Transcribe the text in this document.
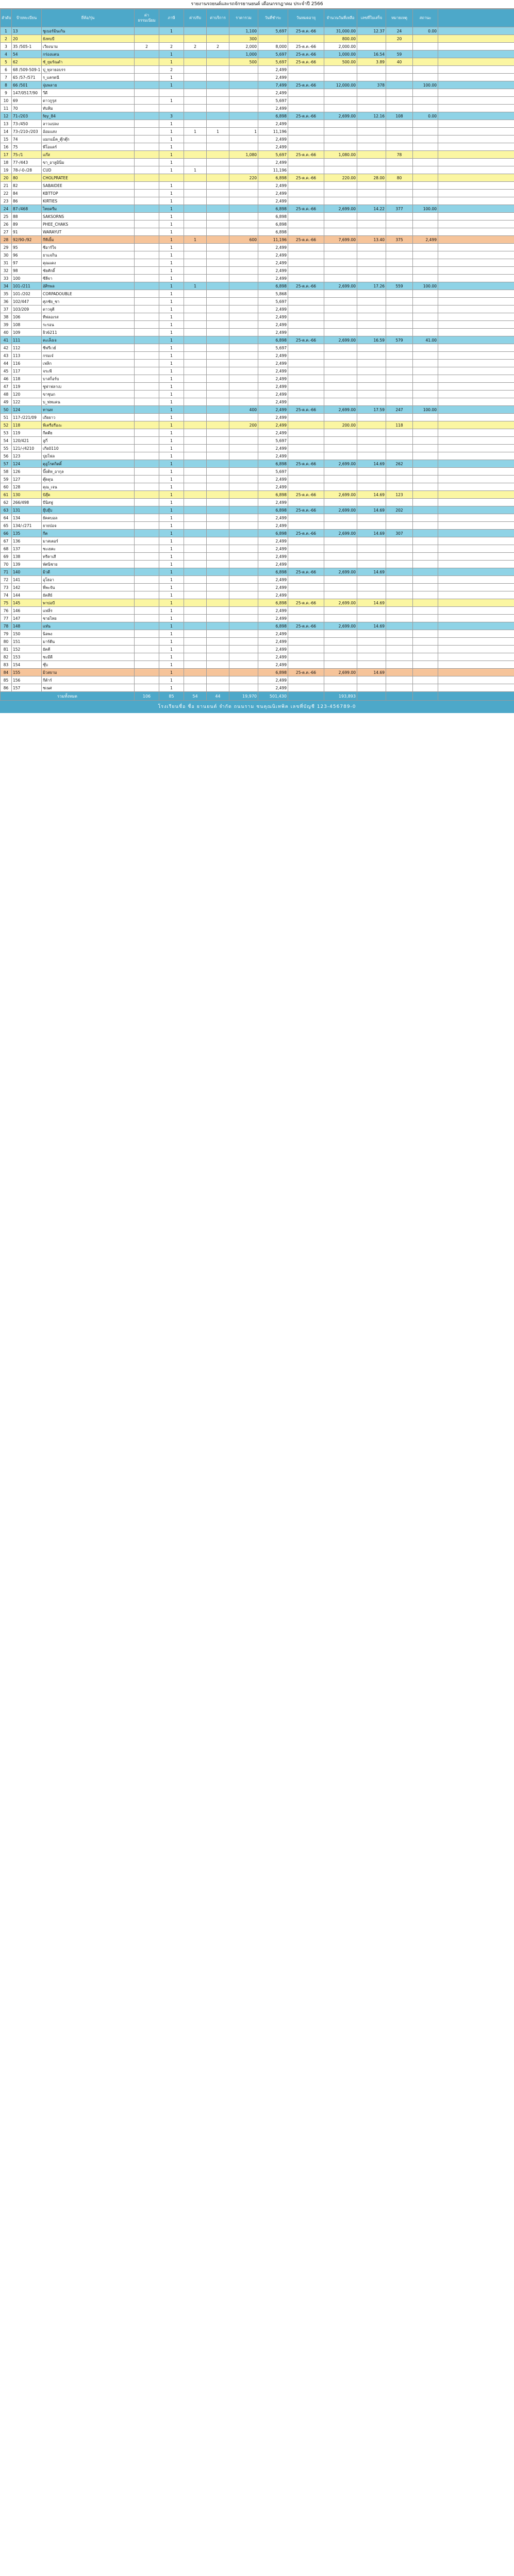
รายงานรถยนต์และรถจักรยานยนต์ เดือนกรกฎาคม ประจำปี 2566
ลำดับ	ป้ายทะเบียน	ยี่ห้อ/รุ่น	ค่าธรรมเนียม	ภาษี	ค่าปรับ	ค่าบริการ	ราคารวม	วันที่ชำระ	วันหมดอายุ	จำนวนวันที่เหลือ	เลขที่ใบเสร็จ	หมายเหตุ	สถานะ	
1	13	ชูเบอร์มินเก้น		1			1,100	5,697	25-ต.ค.-66	31,000.00	12.37	24	0.00	
2	20	ยังทบบี					300			800.00		20		
3	35 /505-1	เวียงนาม	2	2	2	2	2,000	8,000	25-ต.ค.-66	2,000.00				
4	54	กร่องแตน		1			1,000	5,697	25-ต.ค.-66	1,000.00	16.54	59		
5	62	ชั_ยุมรัณดำ		1			500	5,697	25-ต.ค.-66	500.00	3.89	40		
6	68 /509-509-1	ปุ_ทุลายอบรร		2				2,499						
7	65 /57-/571	ร_แครดนี		1				2,499						
8	66 /501	จุ่มพลาย		1				7,499	25-ต.ค.-66	12,000.00	378		100.00	
9	147/0517/90	วีดี						2,499						
10	69	ดาวกูรุส		1				5,697						
11	70	ทับทิม						2,499						
12	71-/203	fey_84		3				6,898	25-ต.ค.-66	2,699.00	12.16	108	0.00	
13	73-/450	ลาวแปลง		1				2,499						
14	73-/210-/203	อ้อมแสง		1	1	1	1	11,196						
15	74	แมกแม็ค_ตุ๊กตุ๊ก		1				2,499						
16	75	พีโอแดร์		1				2,499						
17	75-/1	แก๊ส		1			1,080	5,697	25-ต.ค.-66	1,080.00		78		
18	77-/443	ขา_อาลูมินิ่ม		1				2,499						
19	78-/-0-/28	CUD		1	1			11,196						
20	80	CHOLPRATEE					220	6,898	25-ต.ค.-66	220.00	28.00	80		
21	82	SABAIDEE		1				2,499						
22	84	KBTTOP		1				2,499						
23	86	KIRTIES		1				2,499						
24	87-/468	ไทยครีม		1				6,898	25-ต.ค.-66	2,699.00	14.22	377	100.00	
25	88	SAKSORNS		1				6,898						
26	89	PHEE_CHAKS		1				6,898						
27	91	WARAYUT		1				6,898						
28	92/90-/92	กีทีเยิ้ม		1	1		600	11,196	25-ต.ค.-66	7,699.00	13.40	375	2,499	
29	95	ชีอาร์ใจ		1				2,499						
30	96	ยาแจกิน		1				2,499						
31	97	คุณแดง		1				2,499						
32	98	ชัยศักดิ์		1				2,499						
33	100	ซีลีจา		1				2,499						
34	101-/211	อัศิรพล		1	1			6,898	25-ต.ค.-66	2,699.00	17.26	559	100.00	
35	101-/202	CORPADOUBLE		1				5,868						
36	102/447	ศุภชัย_ชา		1				5,697						
37	103/209	ดาวจุตี		1				2,499						
38	106	ทีฟลอเรส		1				2,499						
39	108	ระรอน		1				2,499						
40	109	ยิว6211		1				2,499						
41	111	คะเล็งเจ		1				6,898	25-ต.ค.-66	2,699.00	16.59	579	41.00	
42	112	ชีฟรีเวย์		1				5,697						
43	113	กรมเจ๋		1				2,499						
44	116	เฟลิก		1				2,499						
45	117	จระพี		1				2,499						
46	118	บาสก็อร์บ		1				2,499						
47	119	ชูฟาฟลาเบ		1				2,499						
48	120	ขาชุนก		1				2,499						
49	122	บ_ฟทแคน		1				2,499						
50	124	ทานท		1			400	2,499	25-ต.ค.-66	2,699.00	17.59	247	100.00	
51	117-/221/09	เถียยาว		1				2,499						
52	118	พีเครือรืองะ		1			200	2,499		200.00		118		
53	119	กีตตีย		1				2,499						
54	120/421	ลูกี่		1				5,697						
55	121/-/4210	เกีย0110		1				2,499						
56	123	ปุยโฟล		1				2,499						
57	124	ตุลูโรตกิตติ์		1				6,898	25-ต.ค.-66	2,699.00	14.69	262		
58	126	บิ๊ยติห_อากุล		1				5,697						
59	127	ตุ๊ดดุน		1				2,499						
60	128	คุณ_เจน		1				2,499						
61	130	ปัสุ๊ค		1				6,898	25-ต.ค.-66	2,699.00	14.69	123		
62	266/498	บีนิสฟู		1				2,499						
63	131	ยุ๊บยุ๊บ		1				6,898	25-ต.ค.-66	2,699.00	14.69	202		
64	134	ยัคคบอล		1				2,499						
65	134/-/271	ยายป่อจ		1				2,499						
66	135	กีต		1				6,898	25-ต.ค.-66	2,699.00	14.69	307		
67	136	มาสเตอร์		1				2,499						
68	137	ชะเยตะ		1				2,499						
69	138	ทรีคาเสี		1				2,499						
70	139	พัศนิชาย		1				2,499						
71	140	มิวดี		1				6,898	25-ต.ค.-66	2,699.00	14.69			
72	141	อุโฮอา		1				2,499						
73	142	พี่พะจัน		1				2,499						
74	144	ยัคสีย์		1				2,499						
75	145	พาปอบี		1				6,898	25-ต.ค.-66	2,699.00	14.69			
76	146	แฟลิ่ร		1				2,499						
77	147	ชายไทย		1				2,499						
78	148	แห๋น		1				6,898	25-ต.ค.-66	2,699.00	14.69			
79	150	นิลพง		1				2,499						
80	151	มาร์ตีน		1				2,499						
81	152	ยัคคี		1				2,499						
82	153	ชะมีดี		1				2,499						
83	154	ชุ๊บ		1				2,499						
84	155	มิวสยาม		1				6,898	25-ต.ค.-66	2,699.00	14.69			
85	156	กีต้าร์		1				2,499						
86	157	ชเนศ		1				2,499						
รวมทั้งหมด			106	85	54	44	19,970	501,430		193,893				
โรงเรียนชื่อ ชื่อ ยานยนต์ จำกัด ถนนราม ชนคุณนิเทพิค เลขที่บัญชี 123-456789-0
